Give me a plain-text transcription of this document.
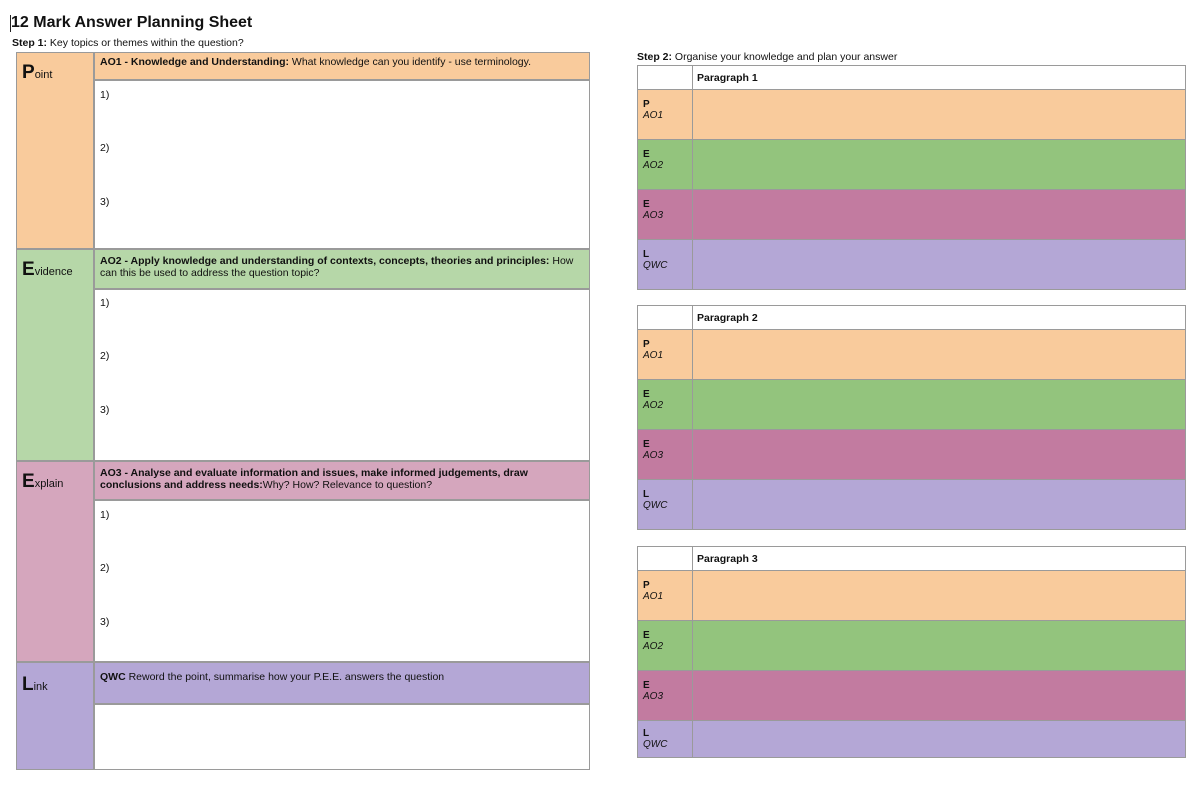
12 Mark Answer Planning Sheet
Step 1: Key topics or themes within the question?
Step 2: Organise your knowledge and plan your answer
Point
AO1 - Knowledge and Understanding: What knowledge can you identify - use terminology.
1)
2)
3)
Evidence
AO2 - Apply knowledge and understanding of contexts, concepts, theories and principles: How can this be used to address the question topic?
1)
2)
3)
Explain
AO3 - Analyse and evaluate information and issues, make informed judgements, draw conclusions and address needs:Why? How? Relevance to question?
1)
2)
3)
Link
QWC Reword the point, summarise how your P.E.E. answers the question
Paragraph 1
P
AO1
E
AO2
E
AO3
L
QWC
Paragraph 2
P
AO1
E
AO2
E
AO3
L
QWC
Paragraph 3
P
AO1
E
AO2
E
AO3
L
QWC
